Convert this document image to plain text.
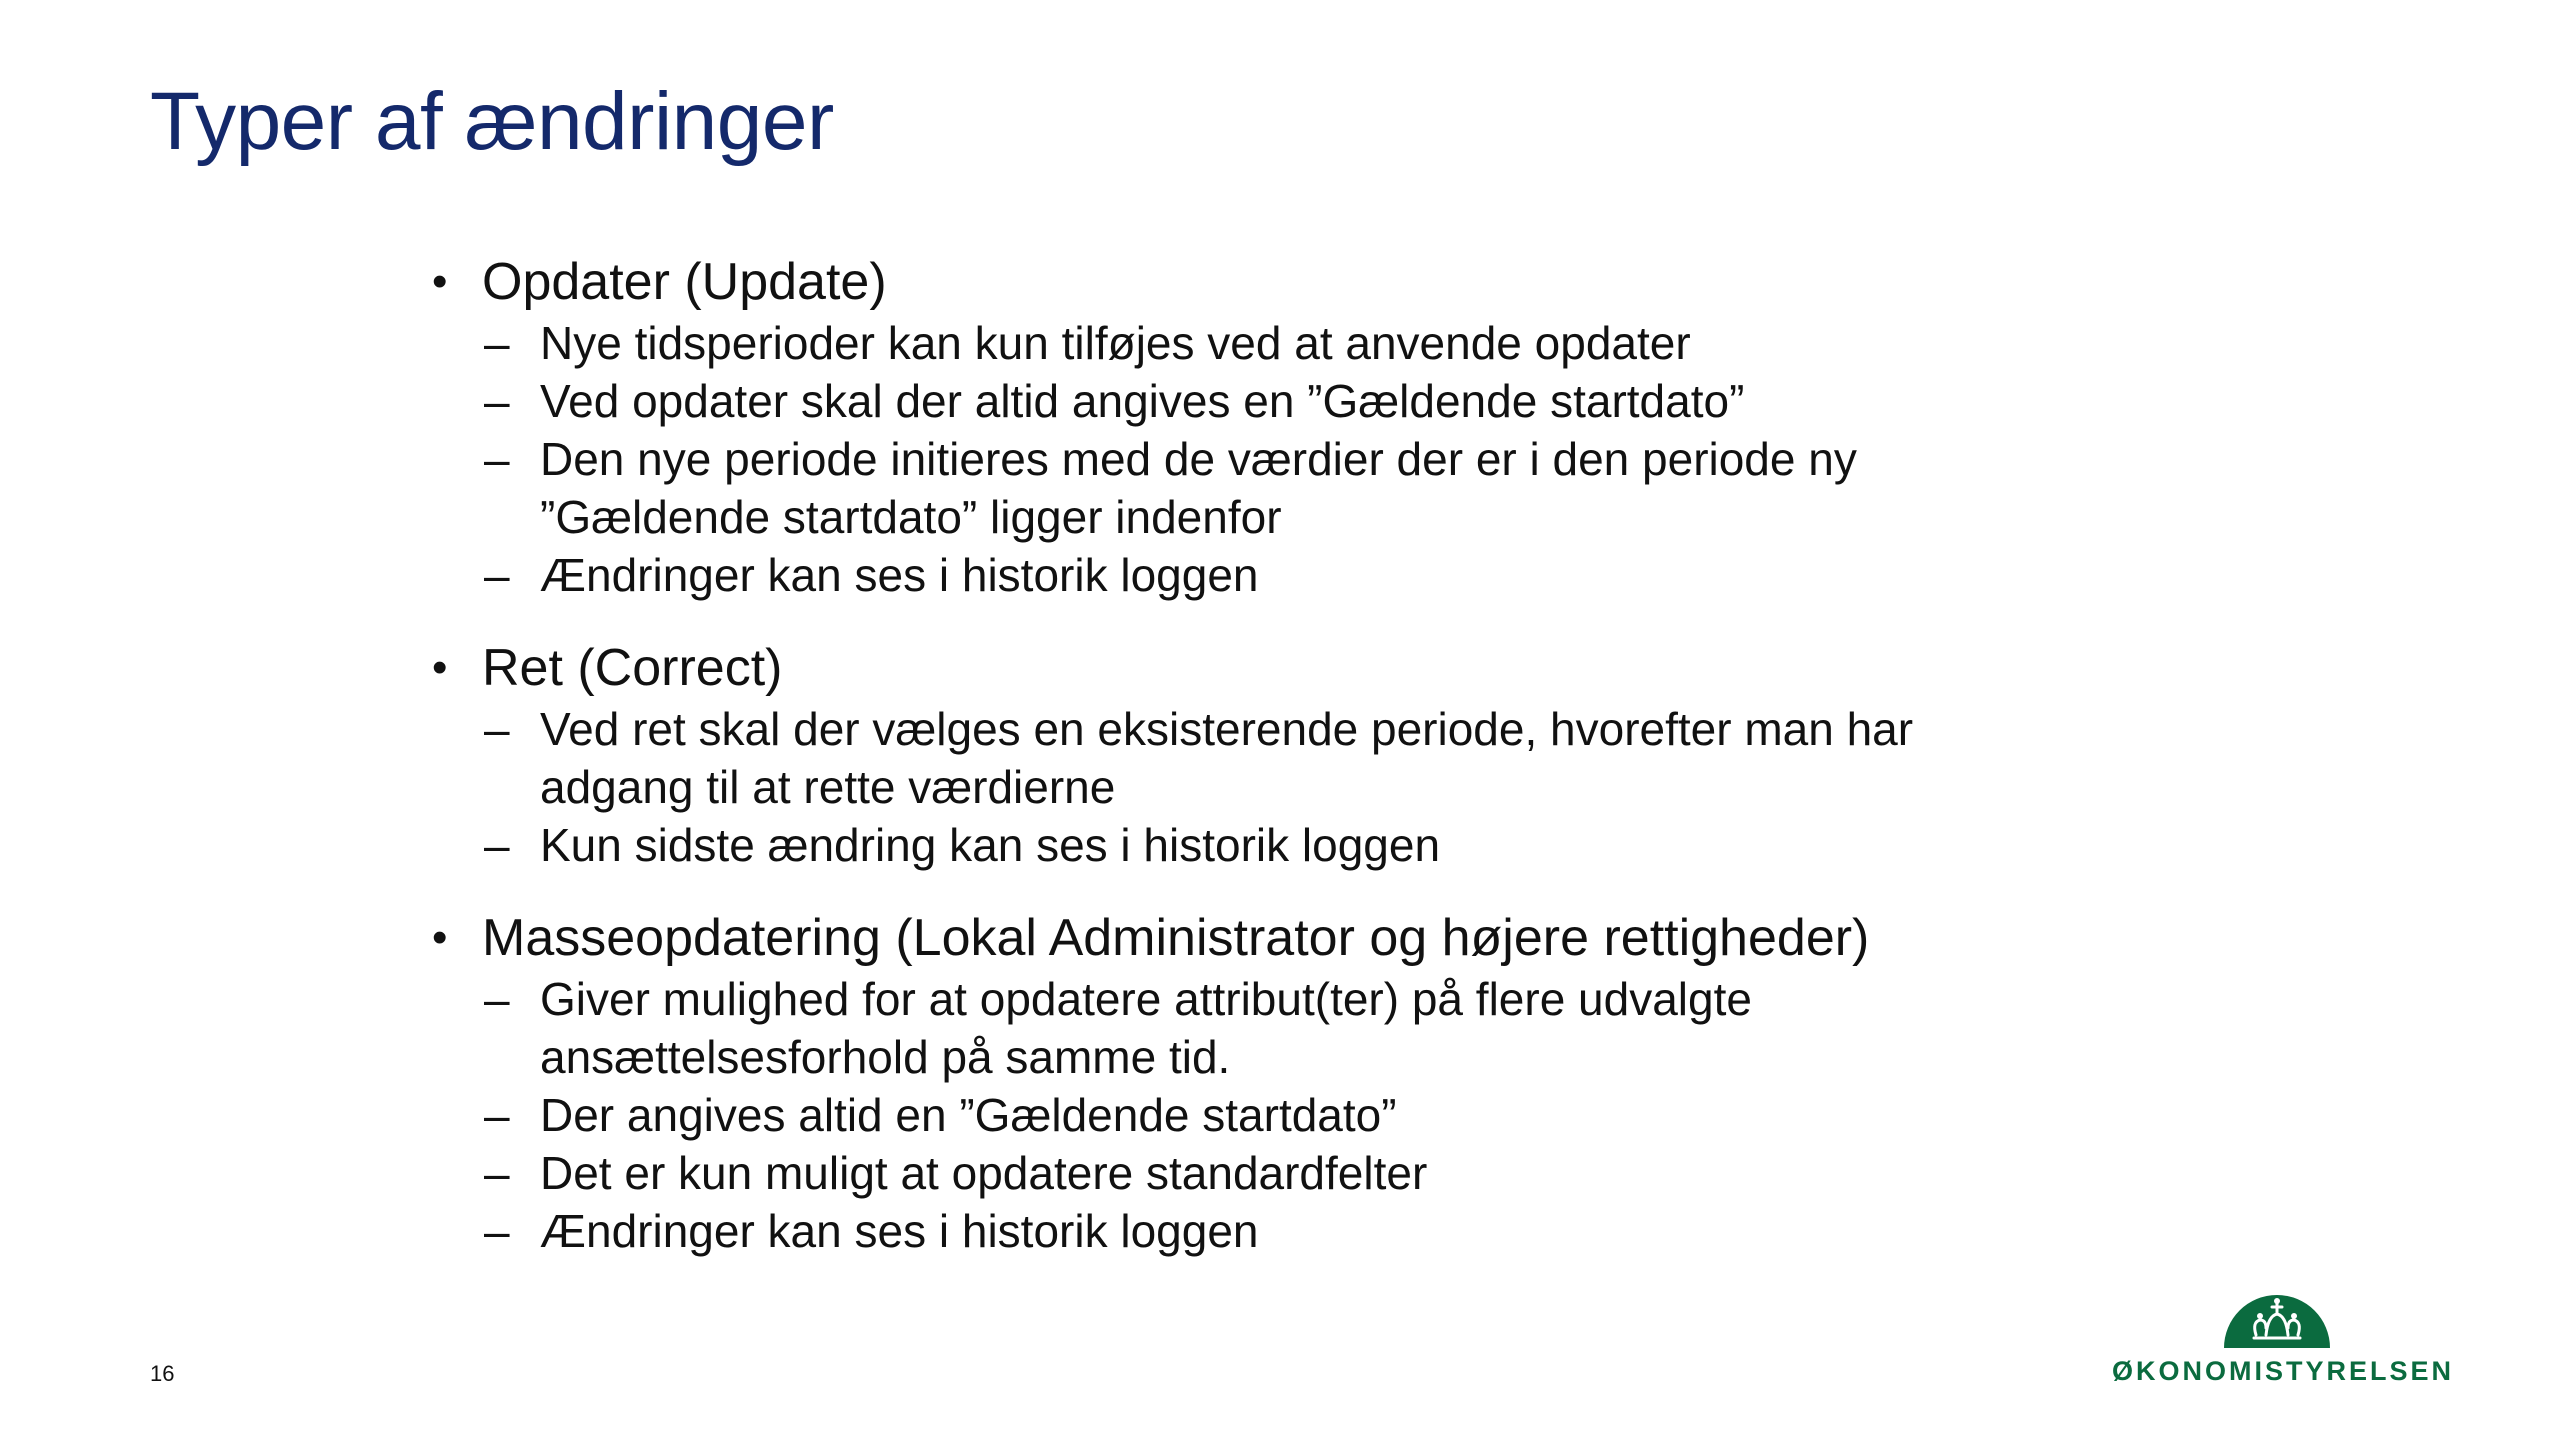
Typer af ændringer
• Opdater (Update)
– Nye tidsperioder kan kun tilføjes ved at anvende opdater
– Ved opdater skal der altid angives en ”Gældende startdato”
– Den nye periode initieres med de værdier der er i den periode ny ”Gældende startdato” ligger indenfor
– Ændringer kan ses i historik loggen
• Ret (Correct)
– Ved ret skal der vælges en eksisterende periode, hvorefter man har adgang til at rette værdierne
– Kun sidste ændring kan ses i historik loggen
• Masseopdatering (Lokal Administrator og højere rettigheder)
– Giver mulighed for at opdatere attribut(ter) på flere udvalgte ansættelsesforhold på samme tid.
– Der angives altid en ”Gældende startdato”
– Det er kun muligt at opdatere standardfelter
– Ændringer kan ses i historik loggen
16	ØKONOMISTYRELSEN
